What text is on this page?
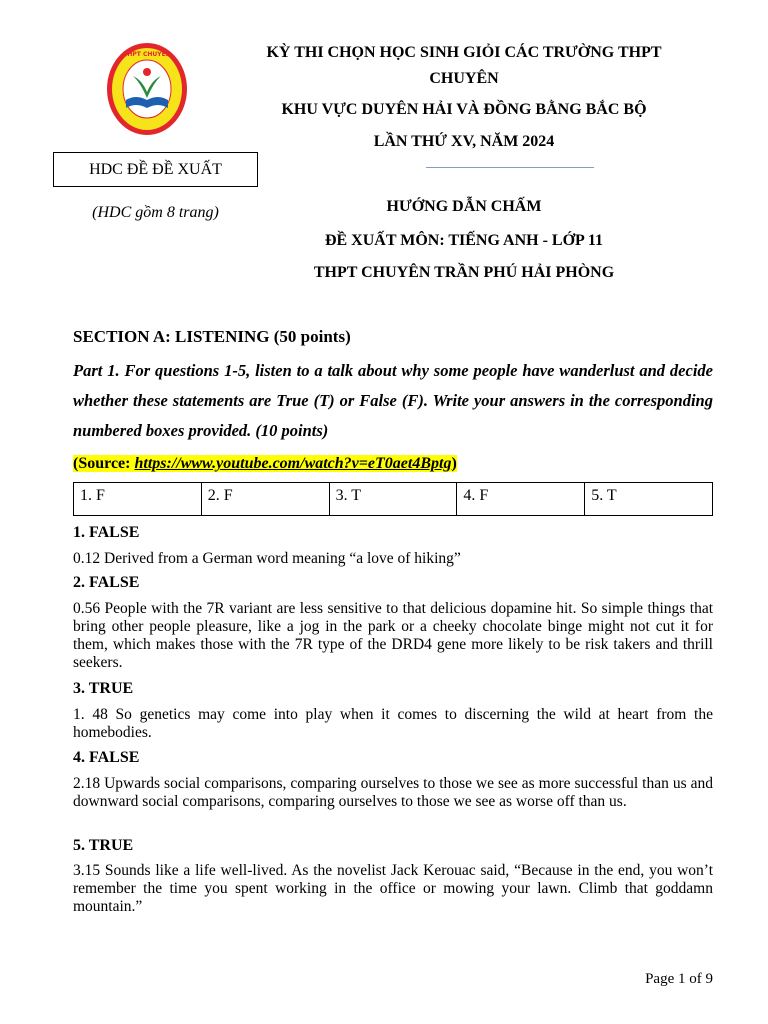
THPT CHUYÊN	KỲ THI CHỌN HỌC SINH GIỎI CÁC TRƯỜNG THPT
CHUYÊN
KHU VỰC DUYÊN HẢI VÀ ĐỒNG BẰNG BẮC BỘ
LẦN THỨ XV, NĂM 2024
HDC ĐỀ ĐỀ XUẤT
(HDC gồm 8 trang)	HƯỚNG DẪN CHẤM
ĐỀ XUẤT MÔN: TIẾNG ANH - LỚP 11
THPT CHUYÊN TRẦN PHÚ HẢI PHÒNG
SECTION A: LISTENING (50 points)
Part 1. For questions 1-5, listen to a talk about why some people have wanderlust and decide whether these statements are True (T) or False (F). Write your answers in the corresponding numbered boxes provided. (10 points)
(Source: https://www.youtube.com/watch?v=eT0aet4Bptg)
1. F	2. F	3. T	4. F	5. T
1. FALSE
0.12 Derived from a German word meaning “a love of hiking”
2. FALSE
0.56 People with the 7R variant are less sensitive to that delicious dopamine hit. So simple things that bring other people pleasure, like a jog in the park or a cheeky chocolate binge might not cut it for them, which makes those with the 7R type of the DRD4 gene more likely to be risk takers and thrill seekers.
3. TRUE
1. 48 So genetics may come into play when it comes to discerning the wild at heart from the homebodies.
4. FALSE
2.18 Upwards social comparisons, comparing ourselves to those we see as more successful than us and downward social comparisons, comparing ourselves to those we see as worse off than us.
5. TRUE
3.15 Sounds like a life well-lived. As the novelist Jack Kerouac said, “Because in the end, you won’t remember the time you spent working in the office or mowing your lawn. Climb that goddamn mountain.”
Page 1 of 9
